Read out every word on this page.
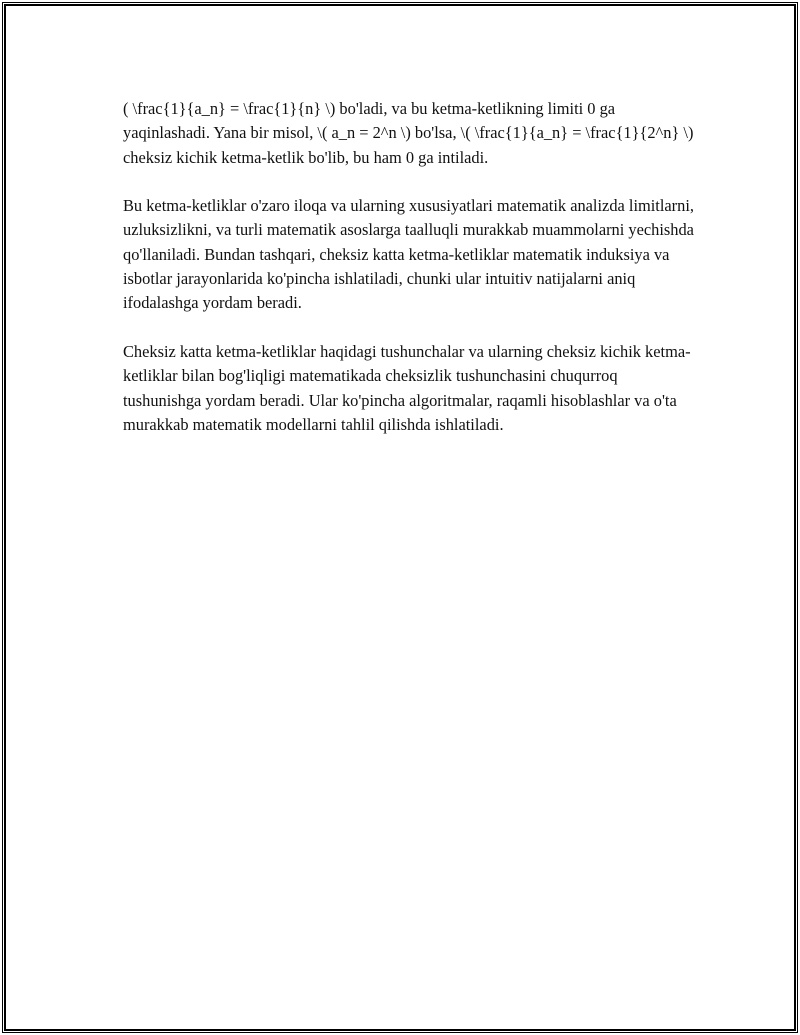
( \frac{1}{a_n} = \frac{1}{n} \) bo'ladi, va bu ketma-ketlikning limiti 0 ga yaqinlashadi. Yana bir misol, \( a_n = 2^n \) bo'lsa, \( \frac{1}{a_n} = \frac{1}{2^n} \) cheksiz kichik ketma-ketlik bo'lib, bu ham 0 ga intiladi.

Bu ketma-ketliklar o'zaro iloqa va ularning xususiyatlari matematik analizda limitlarni, uzluksizlikni, va turli matematik asoslarga taalluqli murakkab muammolarni yechishda qo'llaniladi. Bundan tashqari, cheksiz katta ketma-ketliklar matematik induksiya va isbotlar jarayonlarida ko'pincha ishlatiladi, chunki ular intuitiv natijalarni aniq ifodalashga yordam beradi.

Cheksiz katta ketma-ketliklar haqidagi tushunchalar va ularning cheksiz kichik ketma-ketliklar bilan bog'liqligi matematikada cheksizlik tushunchasini chuqurroq tushunishga yordam beradi. Ular ko'pincha algoritmalar, raqamli hisoblashlar va o'ta murakkab matematik modellarni tahlil qilishda ishlatiladi.
